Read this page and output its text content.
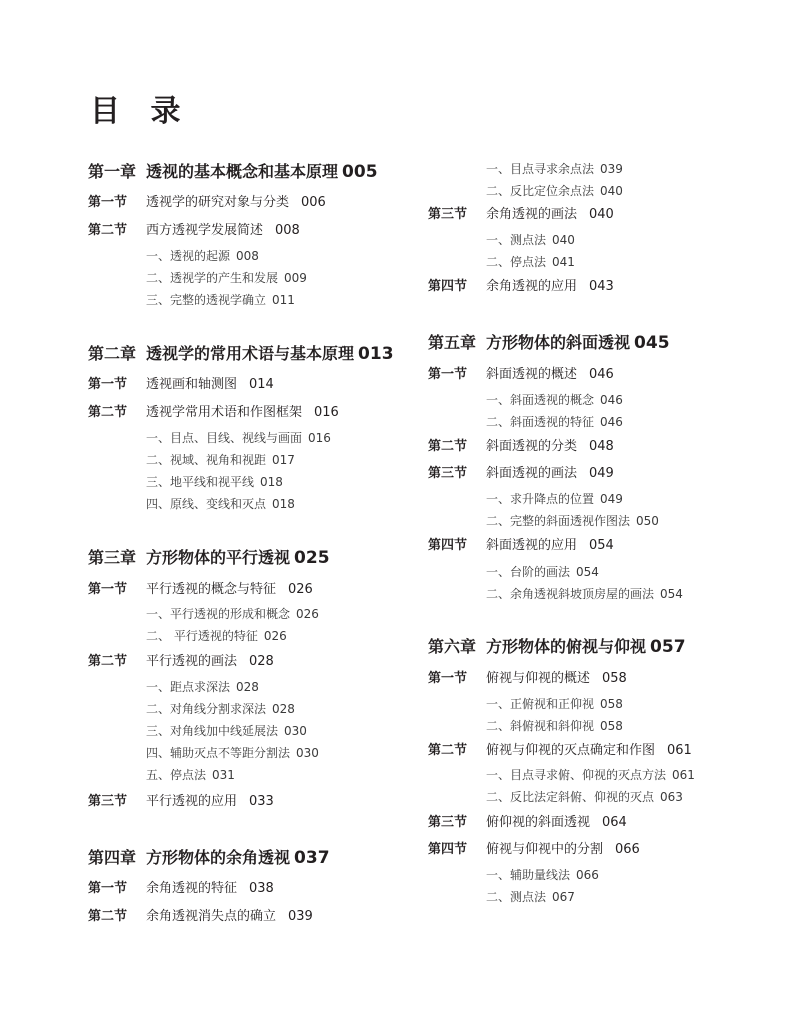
目 录
第一章 透视的基本概念和基本原理 005
第一节 透视学的研究对象与分类 006
第二节 西方透视学发展简述 008
一、透视的起源 008
二、透视学的产生和发展 009
三、完整的透视学确立 011
第二章 透视学的常用术语与基本原理 013
第一节 透视画和轴测图 014
第二节 透视学常用术语和作图框架 016
一、目点、目线、视线与画面 016
二、视域、视角和视距 017
三、地平线和视平线 018
四、原线、变线和灭点 018
第三章 方形物体的平行透视 025
第一节 平行透视的概念与特征 026
一、平行透视的形成和概念 026
二、 平行透视的特征 026
第二节 平行透视的画法 028
一、距点求深法 028
二、对角线分割求深法 028
三、对角线加中线延展法 030
四、辅助灭点不等距分割法 030
五、停点法 031
第三节 平行透视的应用 033
第四章 方形物体的余角透视 037
第一节 余角透视的特征 038
第二节 余角透视消失点的确立 039
一、目点寻求余点法 039
二、反比定位余点法 040
第三节 余角透视的画法 040
一、测点法 040
二、停点法 041
第四节 余角透视的应用 043
第五章 方形物体的斜面透视 045
第一节 斜面透视的概述 046
一、斜面透视的概念 046
二、斜面透视的特征 046
第二节 斜面透视的分类 048
第三节 斜面透视的画法 049
一、求升降点的位置 049
二、完整的斜面透视作图法 050
第四节 斜面透视的应用 054
一、台阶的画法 054
二、余角透视斜坡顶房屋的画法 054
第六章 方形物体的俯视与仰视 057
第一节 俯视与仰视的概述 058
一、正俯视和正仰视 058
二、斜俯视和斜仰视 058
第二节 俯视与仰视的灭点确定和作图 061
一、目点寻求俯、仰视的灭点方法 061
二、反比法定斜俯、仰视的灭点 063
第三节 俯仰视的斜面透视 064
第四节 俯视与仰视中的分割 066
一、辅助量线法 066
二、测点法 067
